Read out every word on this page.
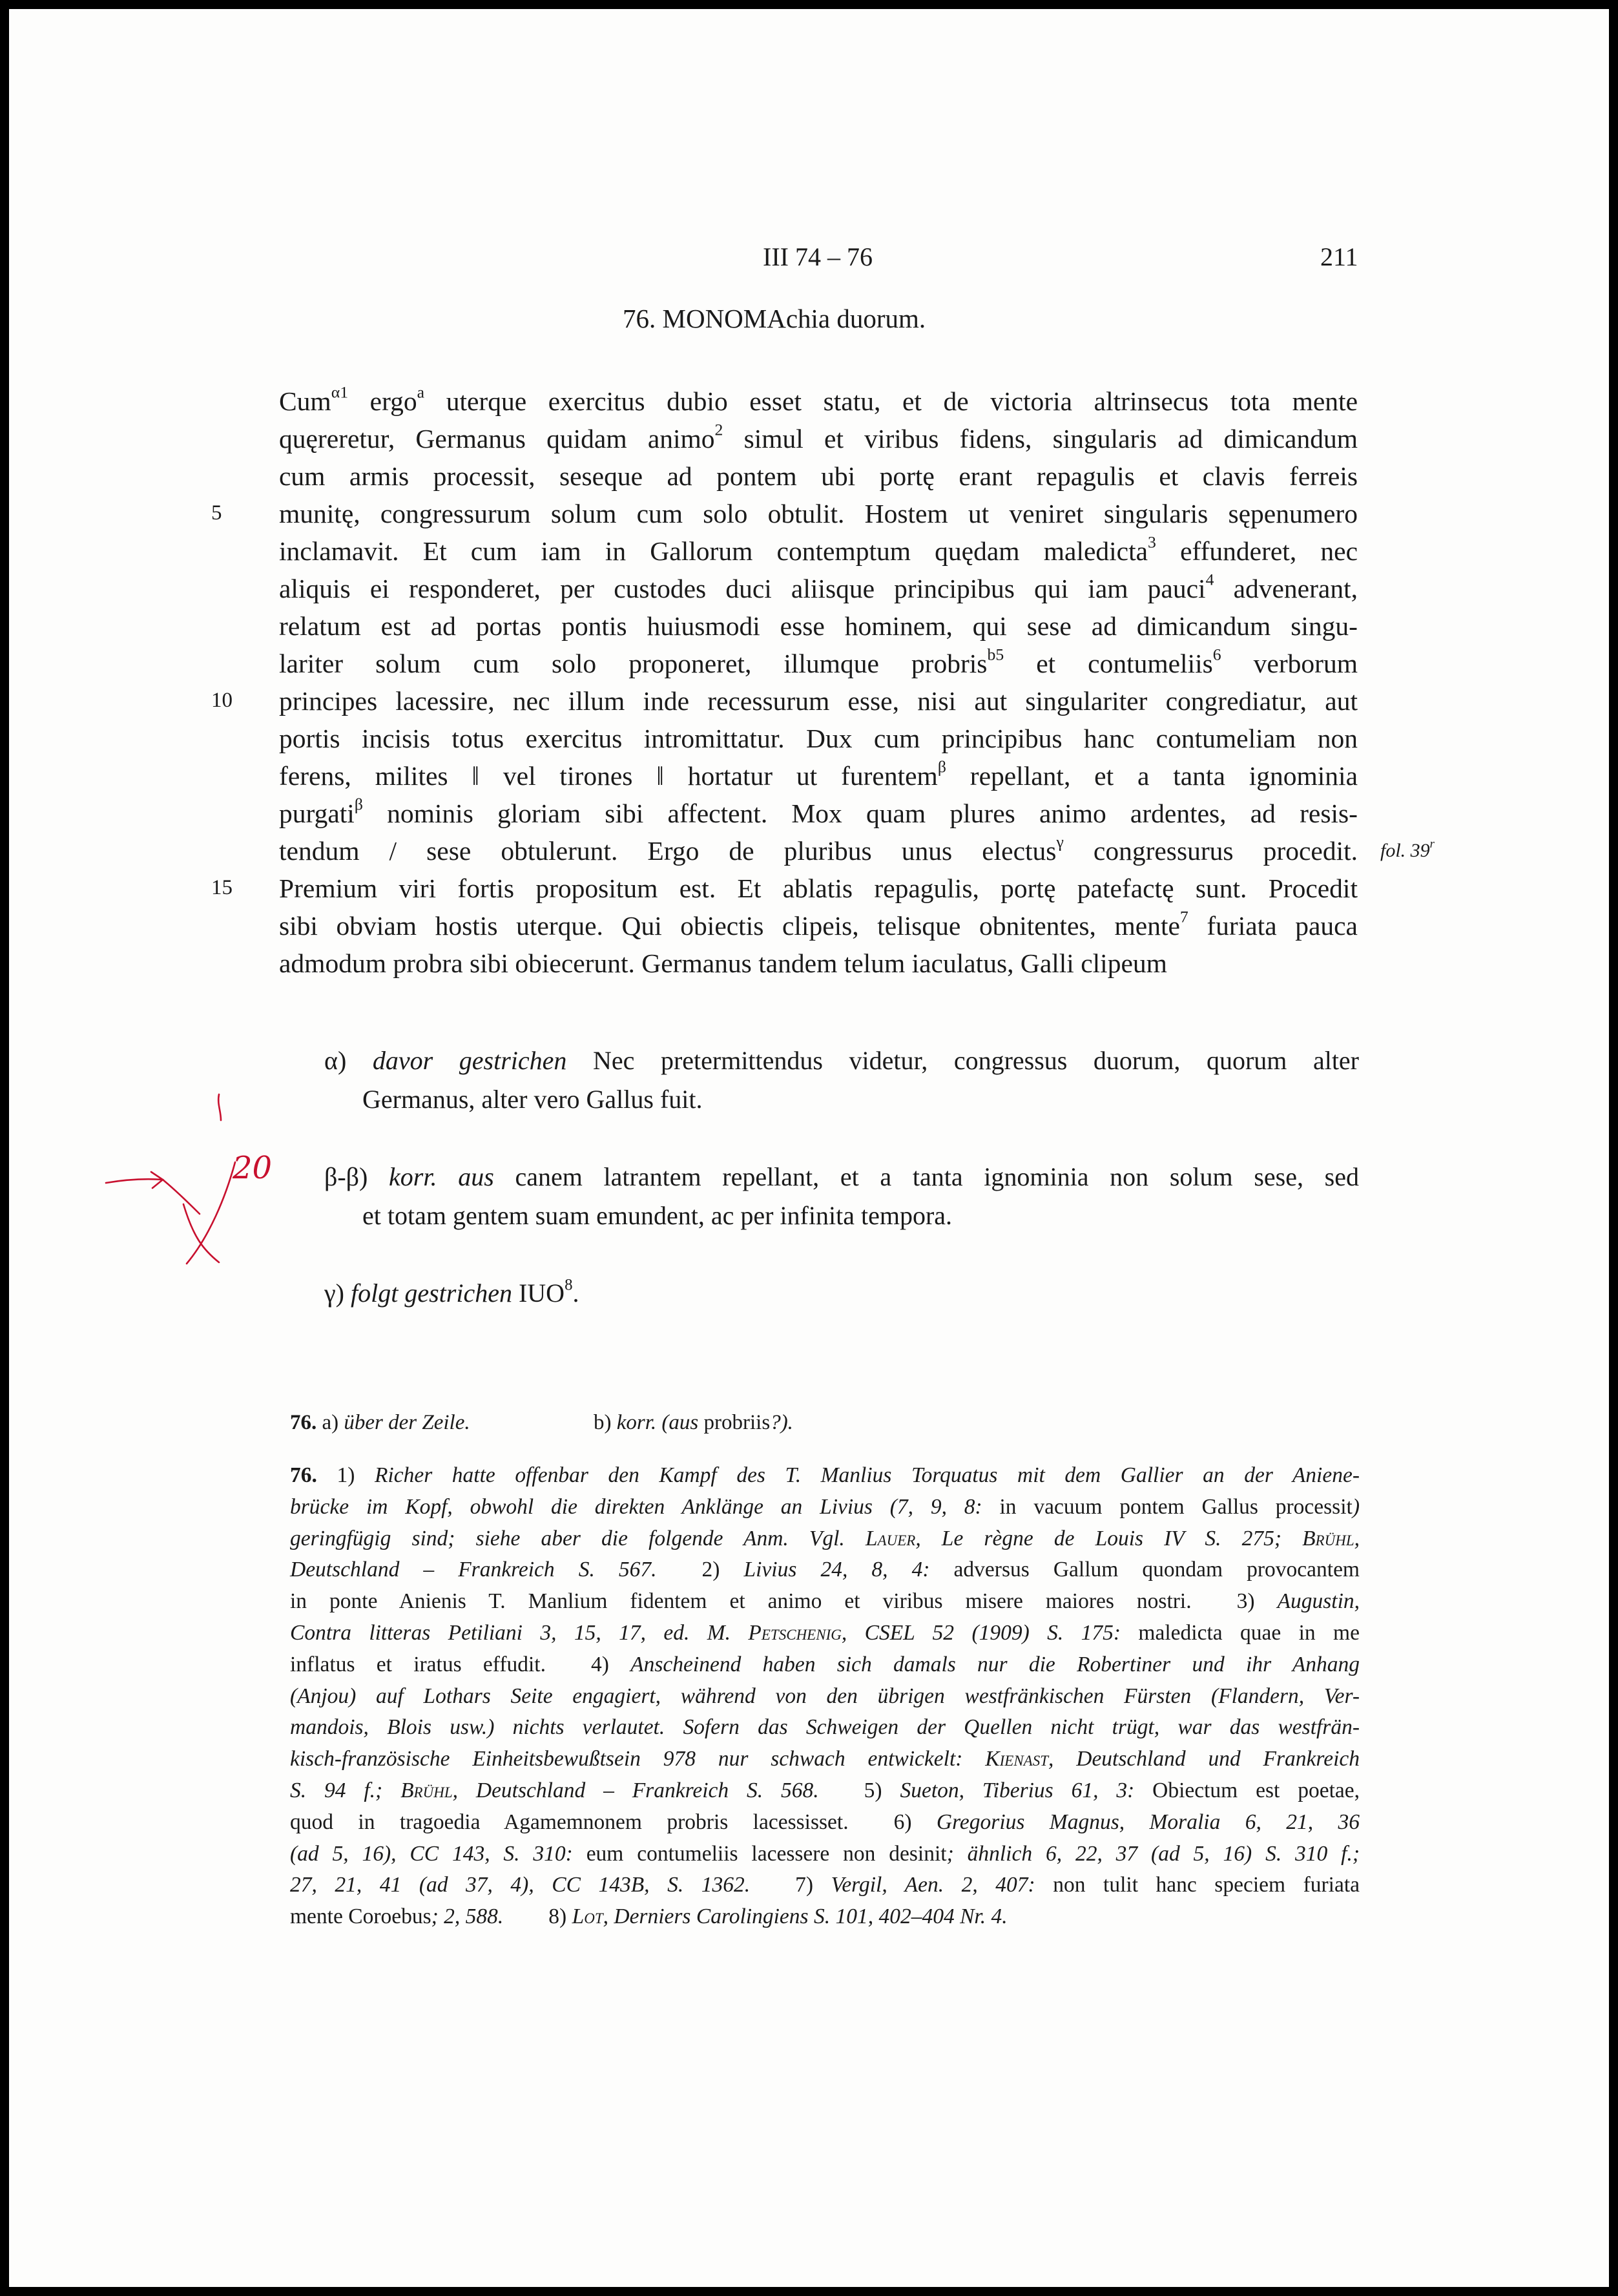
III 74 – 76	211
76. MONOMAchia duorum.
Cum$^{\alpha 1}$ ergo$^a$ uterque exercitus dubio esset statu, et de victoria altrinsecus tota mente
quęreretur, Germanus quidam animo$^2$ simul et viribus fidens, singularis ad dimicandum
cum armis processit, seseque ad pontem ubi portę erant repagulis et clavis ferreis
munitę, congressurum solum cum solo obtulit. Hostem ut veniret singularis sępenumero
5
inclamavit. Et cum iam in Gallorum contemptum quędam maledicta$^3$ effunderet, nec
aliquis ei responderet, per custodes duci aliisque principibus qui iam pauci$^4$ advenerant,
relatum est ad portas pontis huiusmodi esse hominem, qui sese ad dimicandum singu-
lariter solum cum solo proponeret, illumque probris$^{b5}$ et contumeliis$^6$ verborum
principes lacessire, nec illum inde recessurum esse, nisi aut singulariter congrediatur, aut
10
portis incisis totus exercitus intromittatur. Dux cum principibus hanc contumeliam non
ferens, milites ‖ vel tirones ‖ hortatur ut furentem$^\beta$ repellant, et a tanta ignominia
purgati$^\beta$ nominis gloriam sibi affectent. Mox quam plures animo ardentes, ad resis-
tendum / sese obtulerunt. Ergo de pluribus unus electus$^\gamma$ congressurus procedit. fol. 39$^r$
Premium viri fortis propositum est. Et ablatis repagulis, portę patefactę sunt. Procedit
15
sibi obviam hostis uterque. Qui obiectis clipeis, telisque obnitentes, mente$^7$ furiata pauca
admodum probra sibi obiecerunt. Germanus tandem telum iaculatus, Galli clipeum
α) davor gestrichen Nec pretermittendus videtur, congressus duorum, quorum alter
Germanus, alter vero Gallus fuit.
β-β) korr. aus canem latrantem repellant, et a tanta ignominia non solum sese, sed
et totam gentem suam emundent, ac per infinita tempora.
γ) folgt gestrichen IUO$^8$.
76. a) über der Zeile.	b) korr. (aus probriis?).
76. 1) Richer hatte offenbar den Kampf des T. Manlius Torquatus mit dem Gallier an der Aniene-
brücke im Kopf, obwohl die direkten Anklänge an Livius (7, 9, 8: in vacuum pontem Gallus processit)
geringfügig sind; siehe aber die folgende Anm. Vgl. Lauer, Le règne de Louis IV S. 275; Brühl,
Deutschland – Frankreich S. 567. 2) Livius 24, 8, 4: adversus Gallum quondam provocantem
in ponte Anienis T. Manlium fidentem et animo et viribus misere maiores nostri. 3) Augustin,
Contra litteras Petiliani 3, 15, 17, ed. M. Petschenig, CSEL 52 (1909) S. 175: maledicta quae in me
inflatus et iratus effudit. 4) Anscheinend haben sich damals nur die Robertiner und ihr Anhang
(Anjou) auf Lothars Seite engagiert, während von den übrigen westfränkischen Fürsten (Flandern, Ver-
mandois, Blois usw.) nichts verlautet. Sofern das Schweigen der Quellen nicht trügt, war das westfrän-
kisch-französische Einheitsbewußtsein 978 nur schwach entwickelt: Kienast, Deutschland und Frankreich
S. 94 f.; Brühl, Deutschland – Frankreich S. 568. 5) Sueton, Tiberius 61, 3: Obiectum est poetae,
quod in tragoedia Agamemnonem probris lacessisset. 6) Gregorius Magnus, Moralia 6, 21, 36
(ad 5, 16), CC 143, S. 310: eum contumeliis lacessere non desinit; ähnlich 6, 22, 37 (ad 5, 16) S. 310 f.;
27, 21, 41 (ad 37, 4), CC 143B, S. 1362. 7) Vergil, Aen. 2, 407: non tulit hanc speciem furiata
mente Coroebus; 2, 588. 8) Lot, Derniers Carolingiens S. 101, 402–404 Nr. 4.
20
